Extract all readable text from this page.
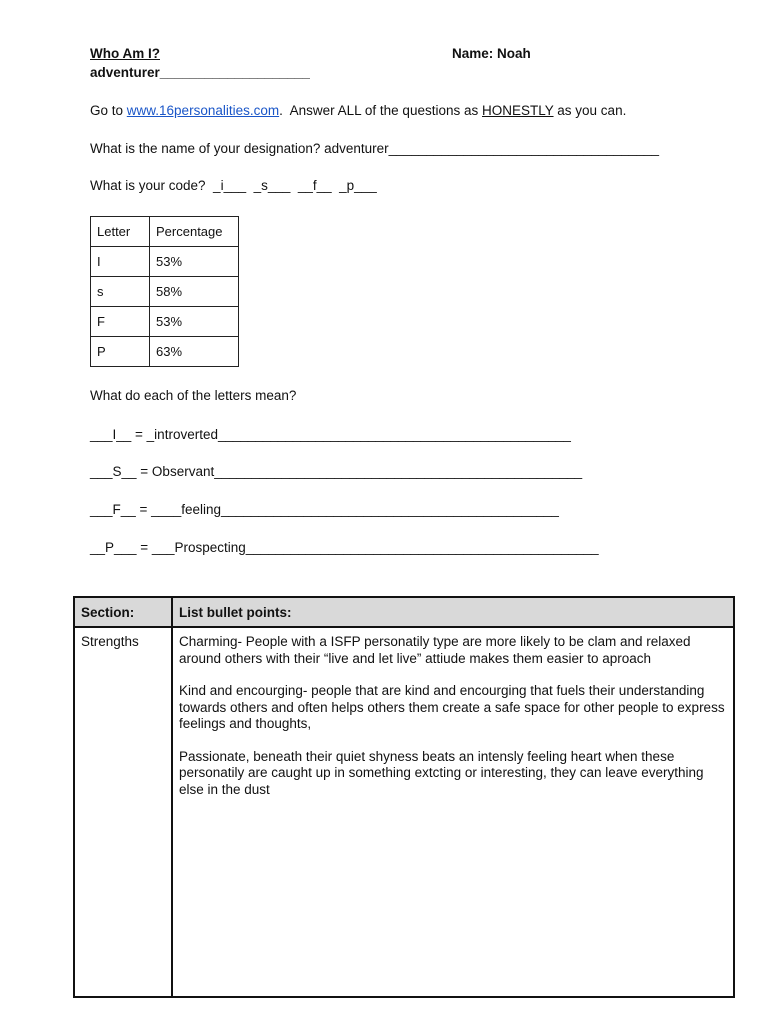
Who Am I?	Name: Noah
adventurer____________________
Go to www.16personalities.com.  Answer ALL of the questions as HONESTLY as you can.
What is the name of your designation? adventurer____________________________________
What is your code?  _i___  _s___  __f__  _p___
Letter	Percentage
I	53%
s	58%
F	53%
P	63%
What do each of the letters mean?
___I__ = _introverted_______________________________________________
___S__ = Observant_________________________________________________
___F__ = ____feeling_____________________________________________
__P___ = ___Prospecting_______________________________________________
Section:	List bullet points:
Strengths	Charming- People with a ISFP personatily type are more likely to be clam and relaxed around others with their “live and let live” attiude makes them easier to aproach

Kind and encourging- people that are kind and encourging that fuels their understanding towards others and often helps others them create a safe space for other people to express feelings and thoughts,

Passionate, beneath their quiet shyness beats an intensly feeling heart when these personatily are caught up in something extcting or interesting, they can leave everything else in the dust
